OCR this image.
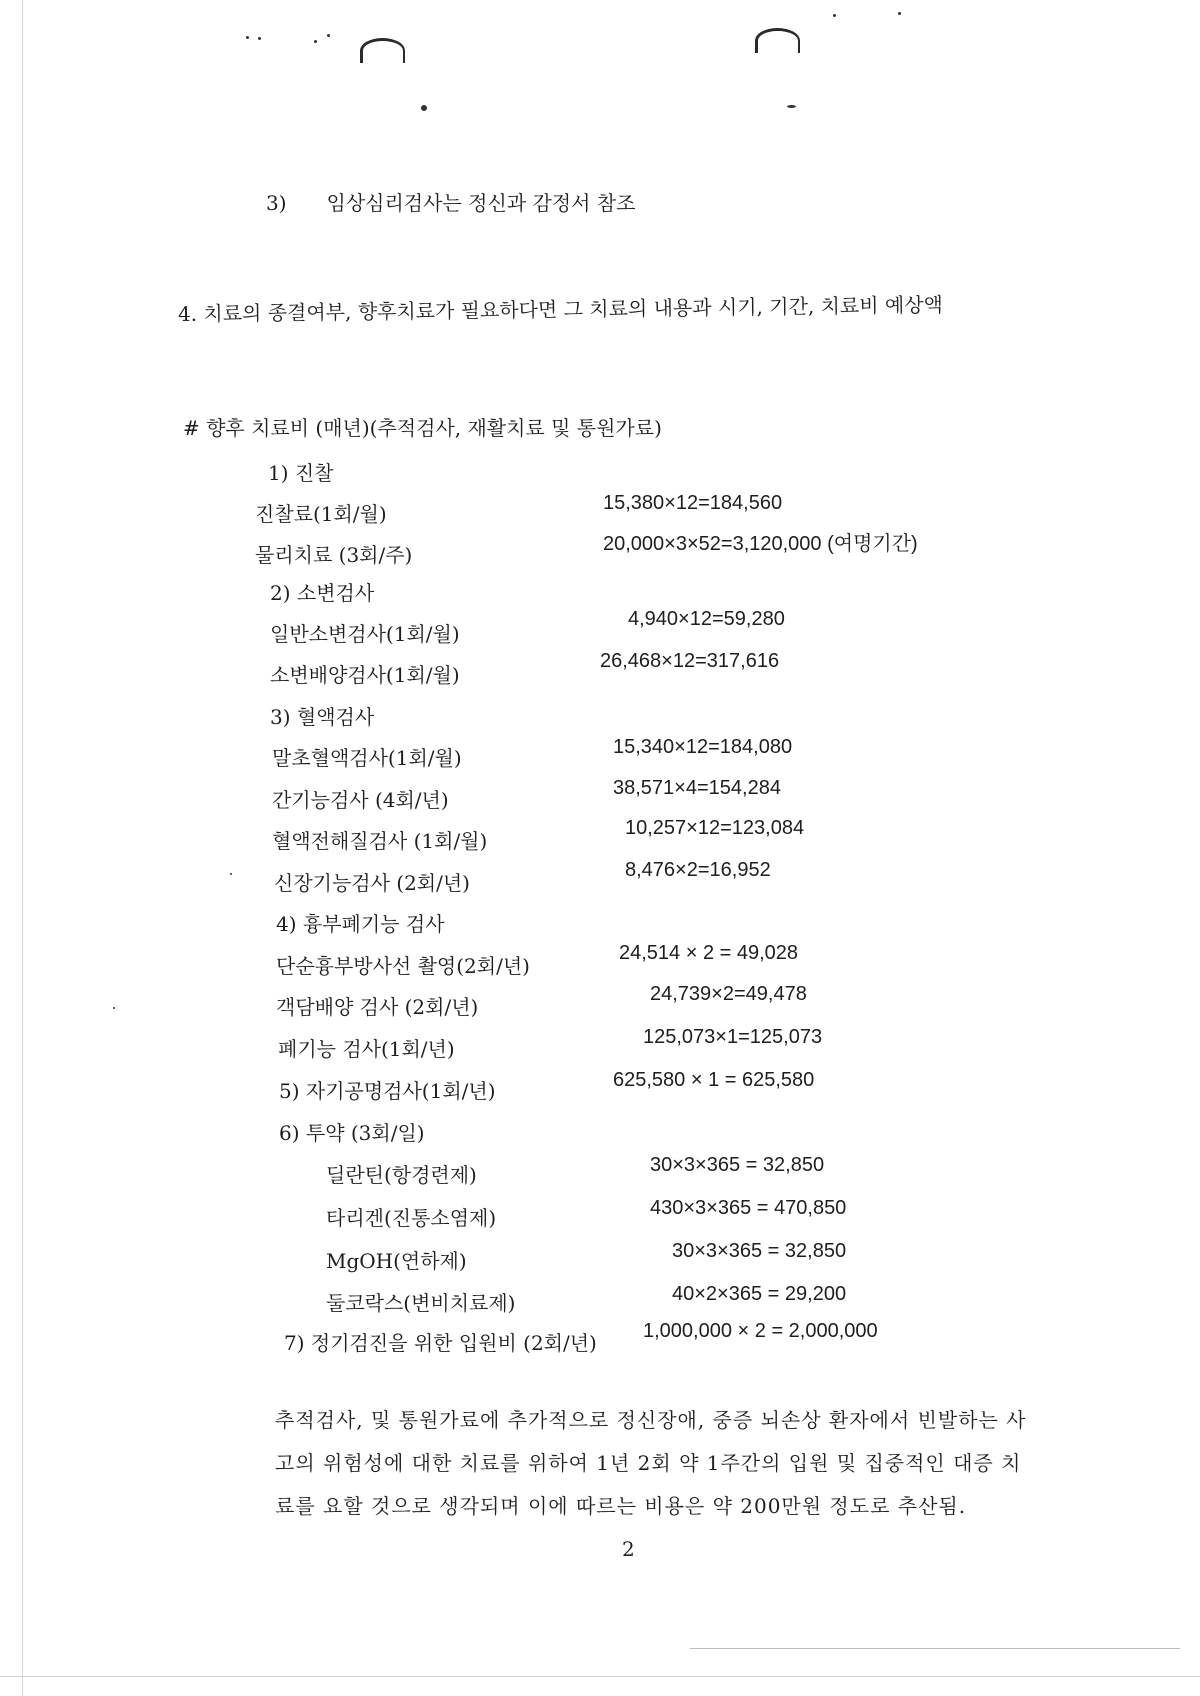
3)　　임상심리검사는 정신과 감정서 참조
4. 치료의 종결여부, 향후치료가 필요하다면 그 치료의 내용과 시기, 기간, 치료비 예상액
# 향후 치료비 (매년)(추적검사, 재활치료 및 통원가료)
1) 진찰
진찰료(1회/월)
물리치료 (3회/주)
2) 소변검사
일반소변검사(1회/월)
소변배양검사(1회/월)
3) 혈액검사
말초혈액검사(1회/월)
간기능검사 (4회/년)
혈액전해질검사 (1회/월)
신장기능검사 (2회/년)
4) 흉부폐기능 검사
단순흉부방사선 촬영(2회/년)
객담배양 검사 (2회/년)
폐기능 검사(1회/년)
5) 자기공명검사(1회/년)
6) 투약 (3회/일)
딜란틴(항경련제)
타리겐(진통소염제)
MgOH(연하제)
둘코락스(변비치료제)
7) 정기검진을 위한 입원비 (2회/년)
15,380×12=184,560
20,000×3×52=3,120,000 (여명기간)
4,940×12=59,280
26,468×12=317,616
15,340×12=184,080
38,571×4=154,284
10,257×12=123,084
8,476×2=16,952
24,514 × 2 = 49,028
24,739×2=49,478
125,073×1=125,073
625,580 × 1 = 625,580
30×3×365 = 32,850
430×3×365 = 470,850
30×3×365 = 32,850
40×2×365 = 29,200
1,000,000 × 2 = 2,000,000
추적검사, 및 통원가료에 추가적으로 정신장애, 중증 뇌손상 환자에서 빈발하는 사
고의 위험성에 대한 치료를 위하여 1년 2회 약 1주간의 입원 및 집중적인 대증 치
료를 요할 것으로 생각되며 이에 따르는 비용은 약 200만원 정도로 추산됨.
2
